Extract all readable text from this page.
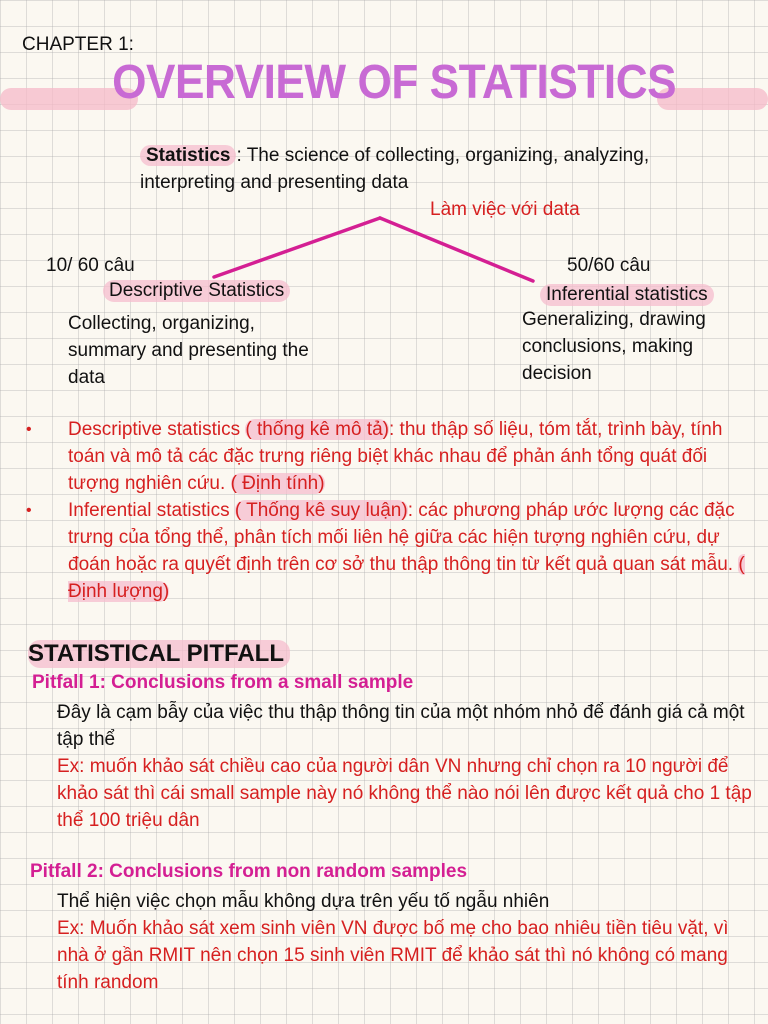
CHAPTER 1:
OVERVIEW OF STATISTICS
Statistics : The science of collecting, organizing, analyzing, interpreting and presenting data
Làm việc với data
10/ 60 câu	50/60 câu
Descriptive Statistics	Inferential statistics
Collecting, organizing, summary and presenting the data
Generalizing, drawing conclusions, making decision
•	Descriptive statistics ( thống kê mô tả): thu thập số liệu, tóm tắt, trình bày, tính toán và mô tả các đặc trưng riêng biệt khác nhau để phản ánh tổng quát đối tượng nghiên cứu. ( Định tính)
•	Inferential statistics ( Thống kê suy luận): các phương pháp ước lượng các đặc trưng của tổng thể, phân tích mối liên hệ giữa các hiện tượng nghiên cứu, dự đoán hoặc ra quyết định trên cơ sở thu thập thông tin từ kết quả quan sát mẫu. ( Định lượng)
STATISTICAL PITFALL
Pitfall 1: Conclusions from a small sample
Đây là cạm bẫy của việc thu thập thông tin của một nhóm nhỏ để đánh giá cả một tập thể
Ex: muốn khảo sát chiều cao của người dân VN nhưng chỉ chọn ra 10 người để khảo sát thì cái small sample này nó không thể nào nói lên được kết quả cho 1 tập thể 100 triệu dân
Pitfall 2: Conclusions from non random samples
Thể hiện việc chọn mẫu không dựa trên yếu tố ngẫu nhiên
Ex: Muốn khảo sát xem sinh viên VN được bố mẹ cho bao nhiêu tiền tiêu vặt, vì nhà ở gần RMIT nên chọn 15 sinh viên RMIT để khảo sát thì nó không có mang tính random
